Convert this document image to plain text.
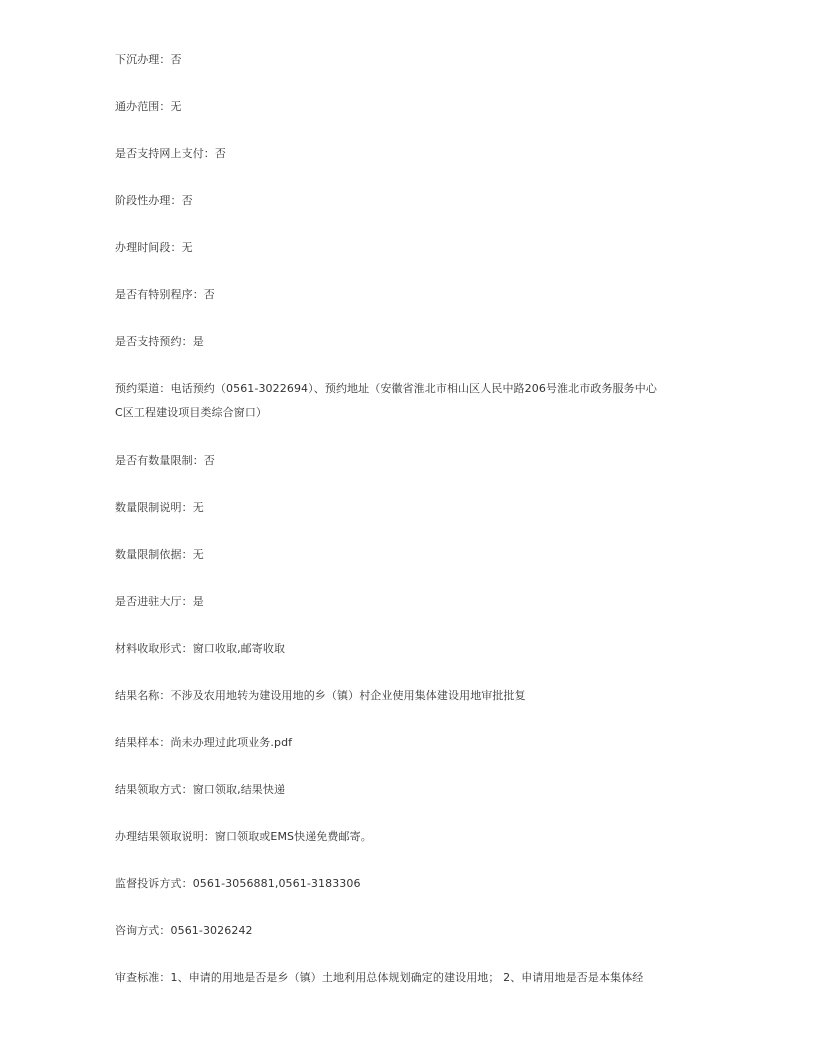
下沉办理：否
通办范围：无
是否支持网上支付：否
阶段性办理：否
办理时间段：无
是否有特别程序：否
是否支持预约：是
预约渠道：电话预约（0561-3022694）、预约地址（安徽省淮北市相山区人民中路206号淮北市政务服务中心
C区工程建设项目类综合窗口）
是否有数量限制：否
数量限制说明：无
数量限制依据：无
是否进驻大厅：是
材料收取形式：窗口收取,邮寄收取
结果名称：不涉及农用地转为建设用地的乡（镇）村企业使用集体建设用地审批批复
结果样本：尚未办理过此项业务.pdf
结果领取方式：窗口领取,结果快递
办理结果领取说明：窗口领取或EMS快递免费邮寄。
监督投诉方式：0561-3056881,0561-3183306
咨询方式：0561-3026242
审查标准：1、申请的用地是否是乡（镇）土地利用总体规划确定的建设用地； 2、申请用地是否是本集体经
